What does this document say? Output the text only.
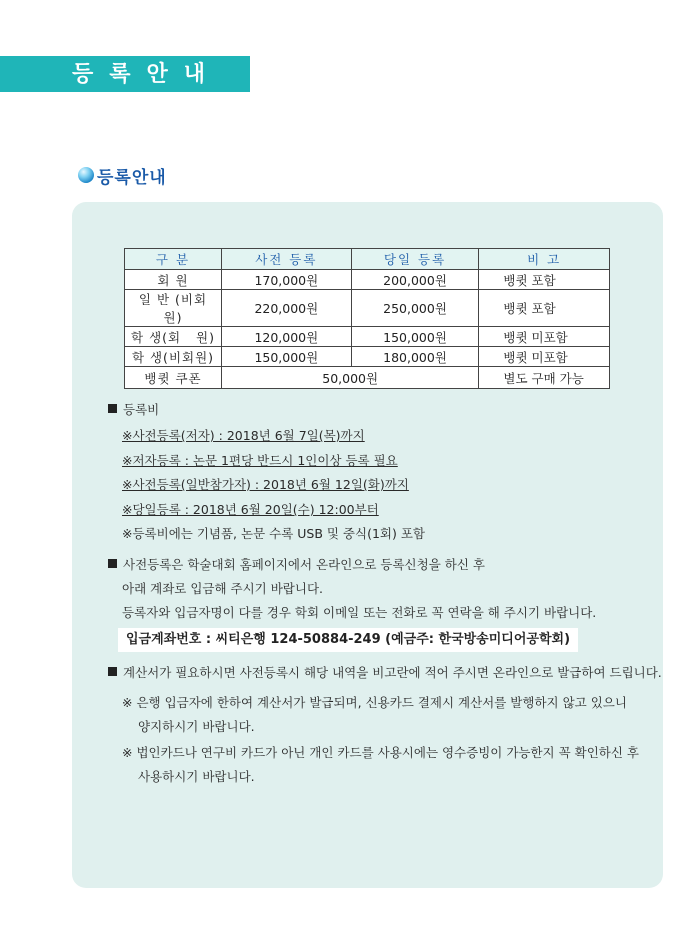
등록안내
등록안내
구 분	사전 등록	당일 등록	비 고
회 원	170,000원	200,000원	뱅큇 포함
일 반 (비회원)	220,000원	250,000원	뱅큇 포함
학 생(회   원)	120,000원	150,000원	뱅큇 미포함
학 생(비회원)	150,000원	180,000원	뱅큇 미포함
뱅큇 쿠폰	50,000원		별도 구매 가능
등록비
※사전등록(저자) : 2018년 6월 7일(목)까지
※저자등록 : 논문 1편당 반드시 1인이상 등록 필요
※사전등록(일반참가자) : 2018년 6월 12일(화)까지
※당일등록 : 2018년 6월 20일(수) 12:00부터
※등록비에는 기념품, 논문 수록 USB 및 중식(1회) 포함
사전등록은 학술대회 홈페이지에서 온라인으로 등록신청을 하신 후
아래 계좌로 입금해 주시기 바랍니다.
등록자와 입금자명이 다를 경우 학회 이메일 또는 전화로 꼭 연락을 해 주시기 바랍니다.
계산서가 필요하시면 사전등록시 해당 내역을 비고란에 적어 주시면 온라인으로 발급하여 드립니다.
※ 은행 입금자에 한하여 계산서가 발급되며, 신용카드 결제시 계산서를 발행하지 않고 있으니
양지하시기 바랍니다.
※ 법인카드나 연구비 카드가 아닌 개인 카드를 사용시에는 영수증빙이 가능한지 꼭 확인하신 후
사용하시기 바랍니다.
입금계좌번호 : 씨티은행 124-50884-249 (예금주: 한국방송미디어공학회)
